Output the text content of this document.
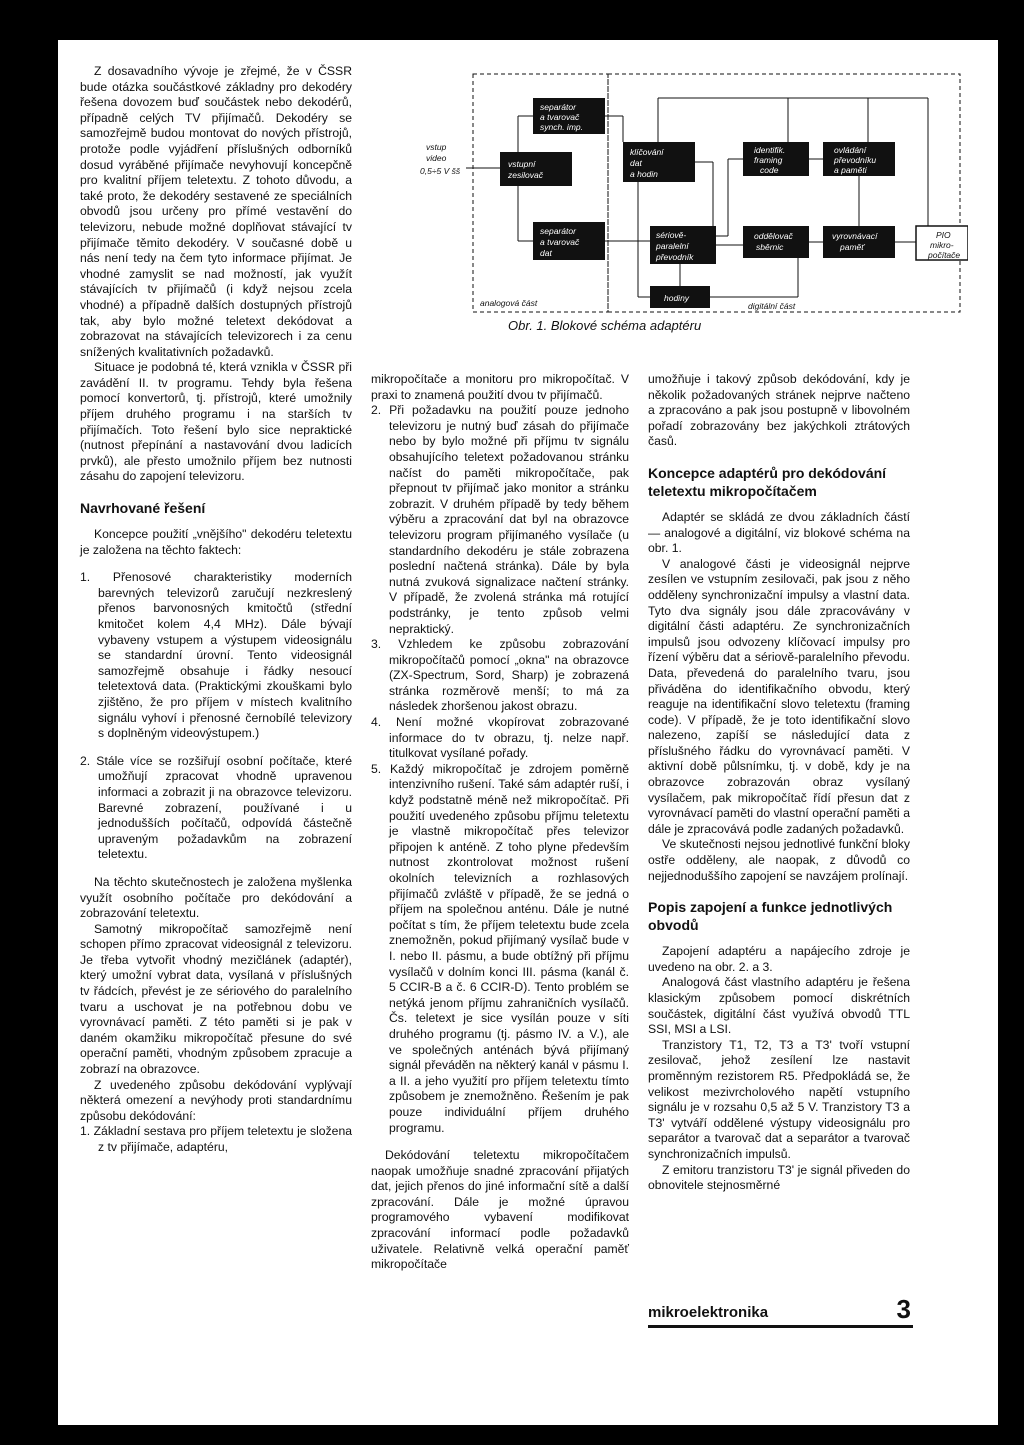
vstup
video
0,5÷5 V šš
vstupní
zesilovač
separátor
a tvarovač
synch. imp.
separátor
a tvarovač
dat
klíčování
dat
a hodin
sériově-
paralelní
převodník
hodiny
identifik.
framing
code
ovládání
převodníku
a paměti
oddělovač
sběrnic
vyrovnávací
paměť
PIO
mikro-
počítače
analogová část	digitální část
Obr. 1. Blokové schéma adaptéru

Z dosavadního vývoje je zřejmé, že v ČSSR bude otázka součástkové základny pro dekodéry řešena dovozem buď součástek nebo dekodérů, případně celých TV přijímačů. Dekodéry se samozřejmě budou montovat do nových přístrojů, protože podle vyjádření příslušných odborníků dosud vyráběné přijímače nevyhovují koncepčně pro kvalitní příjem teletextu. Z tohoto důvodu, a také proto, že dekodéry sestavené ze speciálních obvodů jsou určeny pro přímé vestavění do televizoru, nebude možné doplňovat stávající tv přijímače těmito dekodéry. V současné době u nás není tedy na čem tyto informace přijímat. Je vhodné zamyslit se nad možností, jak využít stávajících tv přijímačů (i když nejsou zcela vhodné) a případně dalších dostupných přístrojů tak, aby bylo možné teletext dekódovat a zobrazovat na stávajících televizorech i za cenu snížených kvalitativních požadavků.

Situace je podobná té, která vznikla v ČSSR při zavádění II. tv programu. Tehdy byla řešena pomocí konvertorů, tj. přístrojů, které umožnily příjem druhého programu i na starších tv přijímačích. Toto řešení bylo sice nepraktické (nutnost přepínání a nastavování dvou ladicích prvků), ale přesto umožnilo příjem bez nutnosti zásahu do zapojení televizoru.

Navrhované řešení

Koncepce použití „vnějšího" dekodéru teletextu je založena na těchto faktech:

1. Přenosové charakteristiky moderních barevných televizorů zaručují nezkreslený přenos barvonosných kmitočtů (střední kmitočet kolem 4,4 MHz). Dále bývají vybaveny vstupem a výstupem videosignálu se standardní úrovní. Tento videosignál samozřejmě obsahuje i řádky nesoucí teletextová data. (Praktickými zkouškami bylo zjištěno, že pro příjem v místech kvalitního signálu vyhoví i přenosné černobílé televizory s doplněným videovýstupem.)

2. Stále více se rozšiřují osobní počítače, které umožňují zpracovat vhodně upravenou informaci a zobrazit ji na obrazovce televizoru. Barevné zobrazení, používané i u jednodušších počítačů, odpovídá částečně upraveným požadavkům na zobrazení teletextu.

Na těchto skutečnostech je založena myšlenka využít osobního počítače pro dekódování a zobrazování teletextu.

Samotný mikropočítač samozřejmě není schopen přímo zpracovat videosignál z televizoru. Je třeba vytvořit vhodný mezičlánek (adaptér), který umožní vybrat data, vysílaná v příslušných tv řádcích, převést je ze sériového do paralelního tvaru a uschovat je na potřebnou dobu ve vyrovnávací paměti. Z této paměti si je pak v daném okamžiku mikropočítač přesune do své operační paměti, vhodným způsobem zpracuje a zobrazí na obrazovce.

Z uvedeného způsobu dekódování vyplývají některá omezení a nevýhody proti standardnímu způsobu dekódování:

1. Základní sestava pro příjem teletextu je složena z tv přijímače, adaptéru,

mikropočítače a monitoru pro mikropočítač. V praxi to znamená použití dvou tv přijímačů.

2. Při požadavku na použití pouze jednoho televizoru je nutný buď zásah do přijímače nebo by bylo možné při příjmu tv signálu obsahujícího teletext požadovanou stránku načíst do paměti mikropočítače, pak přepnout tv přijímač jako monitor a stránku zobrazit. V druhém případě by tedy během výběru a zpracování dat byl na obrazovce televizoru program přijímaného vysílače (u standardního dekodéru je stále zobrazena poslední načtená stránka). Dále by byla nutná zvuková signalizace načtení stránky. V případě, že zvolená stránka má rotující podstránky, je tento způsob velmi nepraktický.

3. Vzhledem ke způsobu zobrazování mikropočítačů pomocí „okna" na obrazovce (ZX-Spectrum, Sord, Sharp) je zobrazená stránka rozměrově menší; to má za následek zhoršenou jakost obrazu.

4. Není možné vkopírovat zobrazované informace do tv obrazu, tj. nelze např. titulkovat vysílané pořady.

5. Každý mikropočítač je zdrojem poměrně intenzivního rušení. Také sám adaptér ruší, i když podstatně méně než mikropočítač. Při použití uvedeného způsobu příjmu teletextu je vlastně mikropočítač přes televizor připojen k anténě. Z toho plyne především nutnost zkontrolovat možnost rušení okolních televizních a rozhlasových přijímačů zvláště v případě, že se jedná o příjem na společnou anténu. Dále je nutné počítat s tím, že příjem teletextu bude zcela znemožněn, pokud přijímaný vysílač bude v I. nebo II. pásmu, a bude obtížný při příjmu vysílačů v dolním konci III. pásma (kanál č. 5 CCIR-B a č. 6 CCIR-D). Tento problém se netýká jenom příjmu zahraničních vysílačů. Čs. teletext je sice vysílán pouze v síti druhého programu (tj. pásmo IV. a V.), ale ve společných anténách bývá přijímaný signál převáděn na některý kanál v pásmu I. a II. a jeho využití pro příjem teletextu tímto způsobem je znemožněno. Řešením je pak pouze individuální příjem druhého programu.

Dekódování teletextu mikropočítačem naopak umožňuje snadné zpracování přijatých dat, jejich přenos do jiné informační sítě a další zpracování. Dále je možné úpravou programového vybavení modifikovat zpracování informací podle požadavků uživatele. Relativně velká operační paměť mikropočítače

umožňuje i takový způsob dekódování, kdy je několik požadovaných stránek nejprve načteno a zpracováno a pak jsou postupně v libovolném pořadí zobrazovány bez jakýchkoli ztrátových časů.

Koncepce adaptérů pro dekódování teletextu mikropočítačem

Adaptér se skládá ze dvou základních částí — analogové a digitální, viz blokové schéma na obr. 1.

V analogové části je videosignál nejprve zesílen ve vstupním zesilovači, pak jsou z něho odděleny synchronizační impulsy a vlastní data. Tyto dva signály jsou dále zpracovávány v digitální části adaptéru. Ze synchronizačních impulsů jsou odvozeny klíčovací impulsy pro řízení výběru dat a sériově-paralelního převodu. Data, převedená do paralelního tvaru, jsou přiváděna do identifikačního obvodu, který reaguje na identifikační slovo teletextu (framing code). V případě, že je toto identifikační slovo nalezeno, zapíší se následující data z příslušného řádku do vyrovnávací paměti. V aktivní době půlsnímku, tj. v době, kdy je na obrazovce zobrazován obraz vysílaný vysílačem, pak mikropočítač řídí přesun dat z vyrovnávací paměti do vlastní operační paměti a dále je zpracovává podle zadaných požadavků.

Ve skutečnosti nejsou jednotlivé funkční bloky ostře odděleny, ale naopak, z důvodů co nejjednoduššího zapojení se navzájem prolínají.

Popis zapojení a funkce jednotlivých obvodů

Zapojení adaptéru a napájecího zdroje je uvedeno na obr. 2. a 3.

Analogová část vlastního adaptéru je řešena klasickým způsobem pomocí diskrétních součástek, digitální část využívá obvodů TTL SSI, MSI a LSI.

Tranzistory T1, T2, T3 a T3' tvoří vstupní zesilovač, jehož zesílení lze nastavit proměnným rezistorem R5. Předpokládá se, že velikost mezivrcholového napětí vstupního signálu je v rozsahu 0,5 až 5 V. Tranzistory T3 a T3' vytváří oddělené výstupy videosignálu pro separátor a tvarovač dat a separátor a tvarovač synchronizačních impulsů.

Z emitoru tranzistoru T3' je signál přiveden do obnovitele stejnosměrné

mikroelektronika	3
